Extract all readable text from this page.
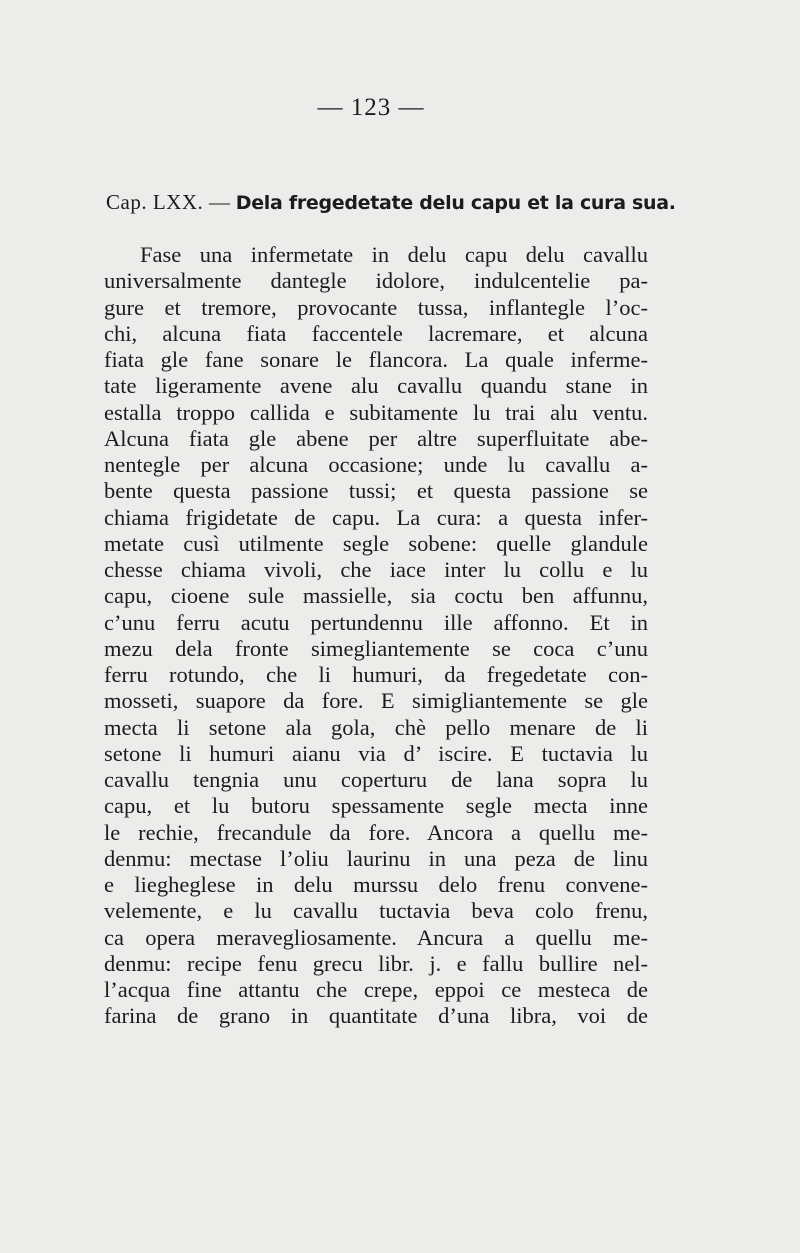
— 123 —
Cap. LXX. — Dela fregedetate delu capu et la cura sua.
Fase una infermetate in delu capu delu cavallu
universalmente dantegle idolore, indulcentelie pa-
gure et tremore, provocante tussa, inflantegle l’oc-
chi, alcuna fiata faccentele lacremare, et alcuna
fiata gle fane sonare le flancora. La quale inferme-
tate ligeramente avene alu cavallu quandu stane in
estalla troppo callida e subitamente lu trai alu ventu.
Alcuna fiata gle abene per altre superfluitate abe-
nentegle per alcuna occasione; unde lu cavallu a-
bente questa passione tussi; et questa passione se
chiama frigidetate de capu. La cura: a questa infer-
metate cusì utilmente segle sobene: quelle glandule
chesse chiama vivoli, che iace inter lu collu e lu
capu, cioene sule massielle, sia coctu ben affunnu,
c’unu ferru acutu pertundennu ille affonno. Et in
mezu dela fronte simegliantemente se coca c’unu
ferru rotundo, che li humuri, da fregedetate con-
mosseti, suapore da fore. E simigliantemente se gle
mecta li setone ala gola, chè pello menare de li
setone li humuri aianu via d’ iscire. E tuctavia lu
cavallu tengnia unu coperturu de lana sopra lu
capu, et lu butoru spessamente segle mecta inne
le rechie, frecandule da fore. Ancora a quellu me-
denmu: mectase l’oliu laurinu in una peza de linu
e liegheglese in delu murssu delo frenu convene-
velemente, e lu cavallu tuctavia beva colo frenu,
ca opera meravegliosamente. Ancura a quellu me-
denmu: recipe fenu grecu libr. j. e fallu bullire nel-
l’acqua fine attantu che crepe, eppoi ce mesteca de
farina de grano in quantitate d’una libra, voi de
